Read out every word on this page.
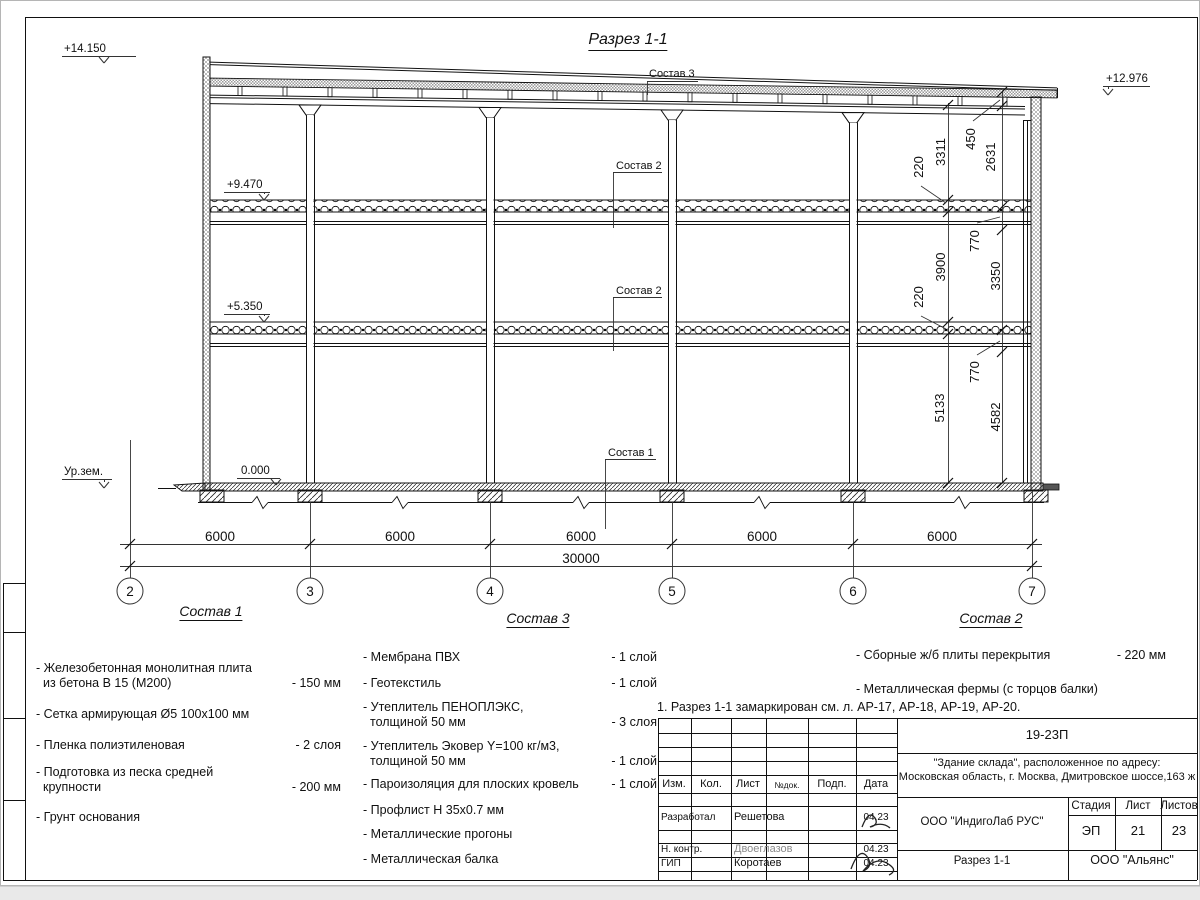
2	3	4	5	6	7
Разрез 1-1
+14.150
+12.976
+9.470
+5.350
0.000
Ур.зем.
Состав 3
Состав 2
Состав 2
Состав 1
6000	6000	6000	6000	6000
30000
3311
220
3900
220
5133
450
2631
770
3350
770
4582
Состав 1	Состав 3	Состав 2
- Железобетонная монолитная плита
из бетона В 15 (М200)	- 150 мм
- Сетка армирующая Ø5 100х100 мм
- Пленка полиэтиленовая	- 2 слоя
- Подготовка из песка средней
крупности	- 200 мм
- Грунт основания
- Мембрана ПВХ	- 1 слой
- Геотекстиль	- 1 слой
- Утеплитель ПЕНОПЛЭКС,
толщиной 50 мм	- 3 слоя
- Утеплитель Эковер Y=100 кг/м3,
толщиной 50 мм	- 1 слой
- Пароизоляция для плоских кровель	- 1 слой
- Профлист Н 35х0.7 мм
- Металлические прогоны
- Металлическая балка
- Сборные ж/б плиты перекрытия	- 220 мм
- Металлическая фермы (с торцов балки)
1. Разрез 1-1 замаркирован см. л. АР-17, АР-18, АР-19, АР-20.
19-23П
"Здание склада", расположенное по адресу:
Московская область, г. Москва, Дмитровское шоссе,163 ж
Изм. Кол. Лист №док. Подп. Дата
Разработал Решетова	04.23
Н. контр.	Двоеглазов	04.23
ГИП	Коротаев	04.23
ООО "ИндигоЛаб РУС"
Стадия Лист Листов
ЭП 21 23
Разрез 1-1	ООО "Альянс"
